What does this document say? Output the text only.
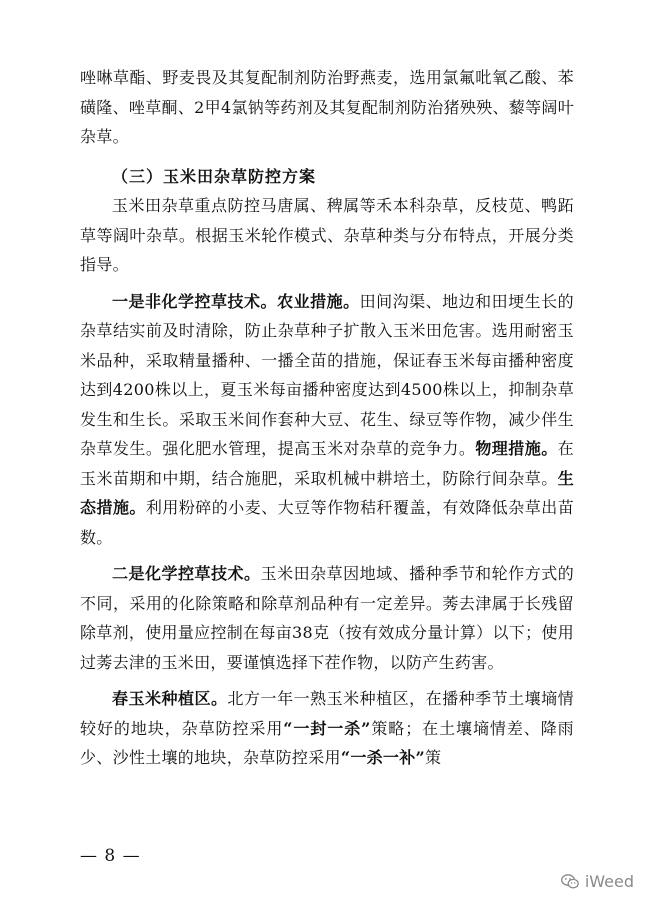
唑啉草酯、野麦畏及其复配制剂防治野燕麦，选用氯氟吡氧乙酸、苯磺隆、唑草酮、2甲4氯钠等药剂及其复配制剂防治猪殃殃、藜等阔叶杂草。

（三）玉米田杂草防控方案

玉米田杂草重点防控马唐属、稗属等禾本科杂草，反枝苋、鸭跖草等阔叶杂草。根据玉米轮作模式、杂草种类与分布特点，开展分类指导。

一是非化学控草技术。农业措施。田间沟渠、地边和田埂生长的杂草结实前及时清除，防止杂草种子扩散入玉米田危害。选用耐密玉米品种，采取精量播种、一播全苗的措施，保证春玉米每亩播种密度达到4200株以上，夏玉米每亩播种密度达到4500株以上，抑制杂草发生和生长。采取玉米间作套种大豆、花生、绿豆等作物，减少伴生杂草发生。强化肥水管理，提高玉米对杂草的竞争力。物理措施。在玉米苗期和中期，结合施肥，采取机械中耕培土，防除行间杂草。生态措施。利用粉碎的小麦、大豆等作物秸秆覆盖，有效降低杂草出苗数。

二是化学控草技术。玉米田杂草因地域、播种季节和轮作方式的不同，采用的化除策略和除草剂品种有一定差异。莠去津属于长残留除草剂，使用量应控制在每亩38克（按有效成分量计算）以下；使用过莠去津的玉米田，要谨慎选择下茬作物，以防产生药害。

春玉米种植区。北方一年一熟玉米种植区，在播种季节土壤墒情较好的地块，杂草防控采用“一封一杀”策略；在土壤墒情差、降雨少、沙性土壤的地块，杂草防控采用“一杀一补”策

— 8 —
iWeed
